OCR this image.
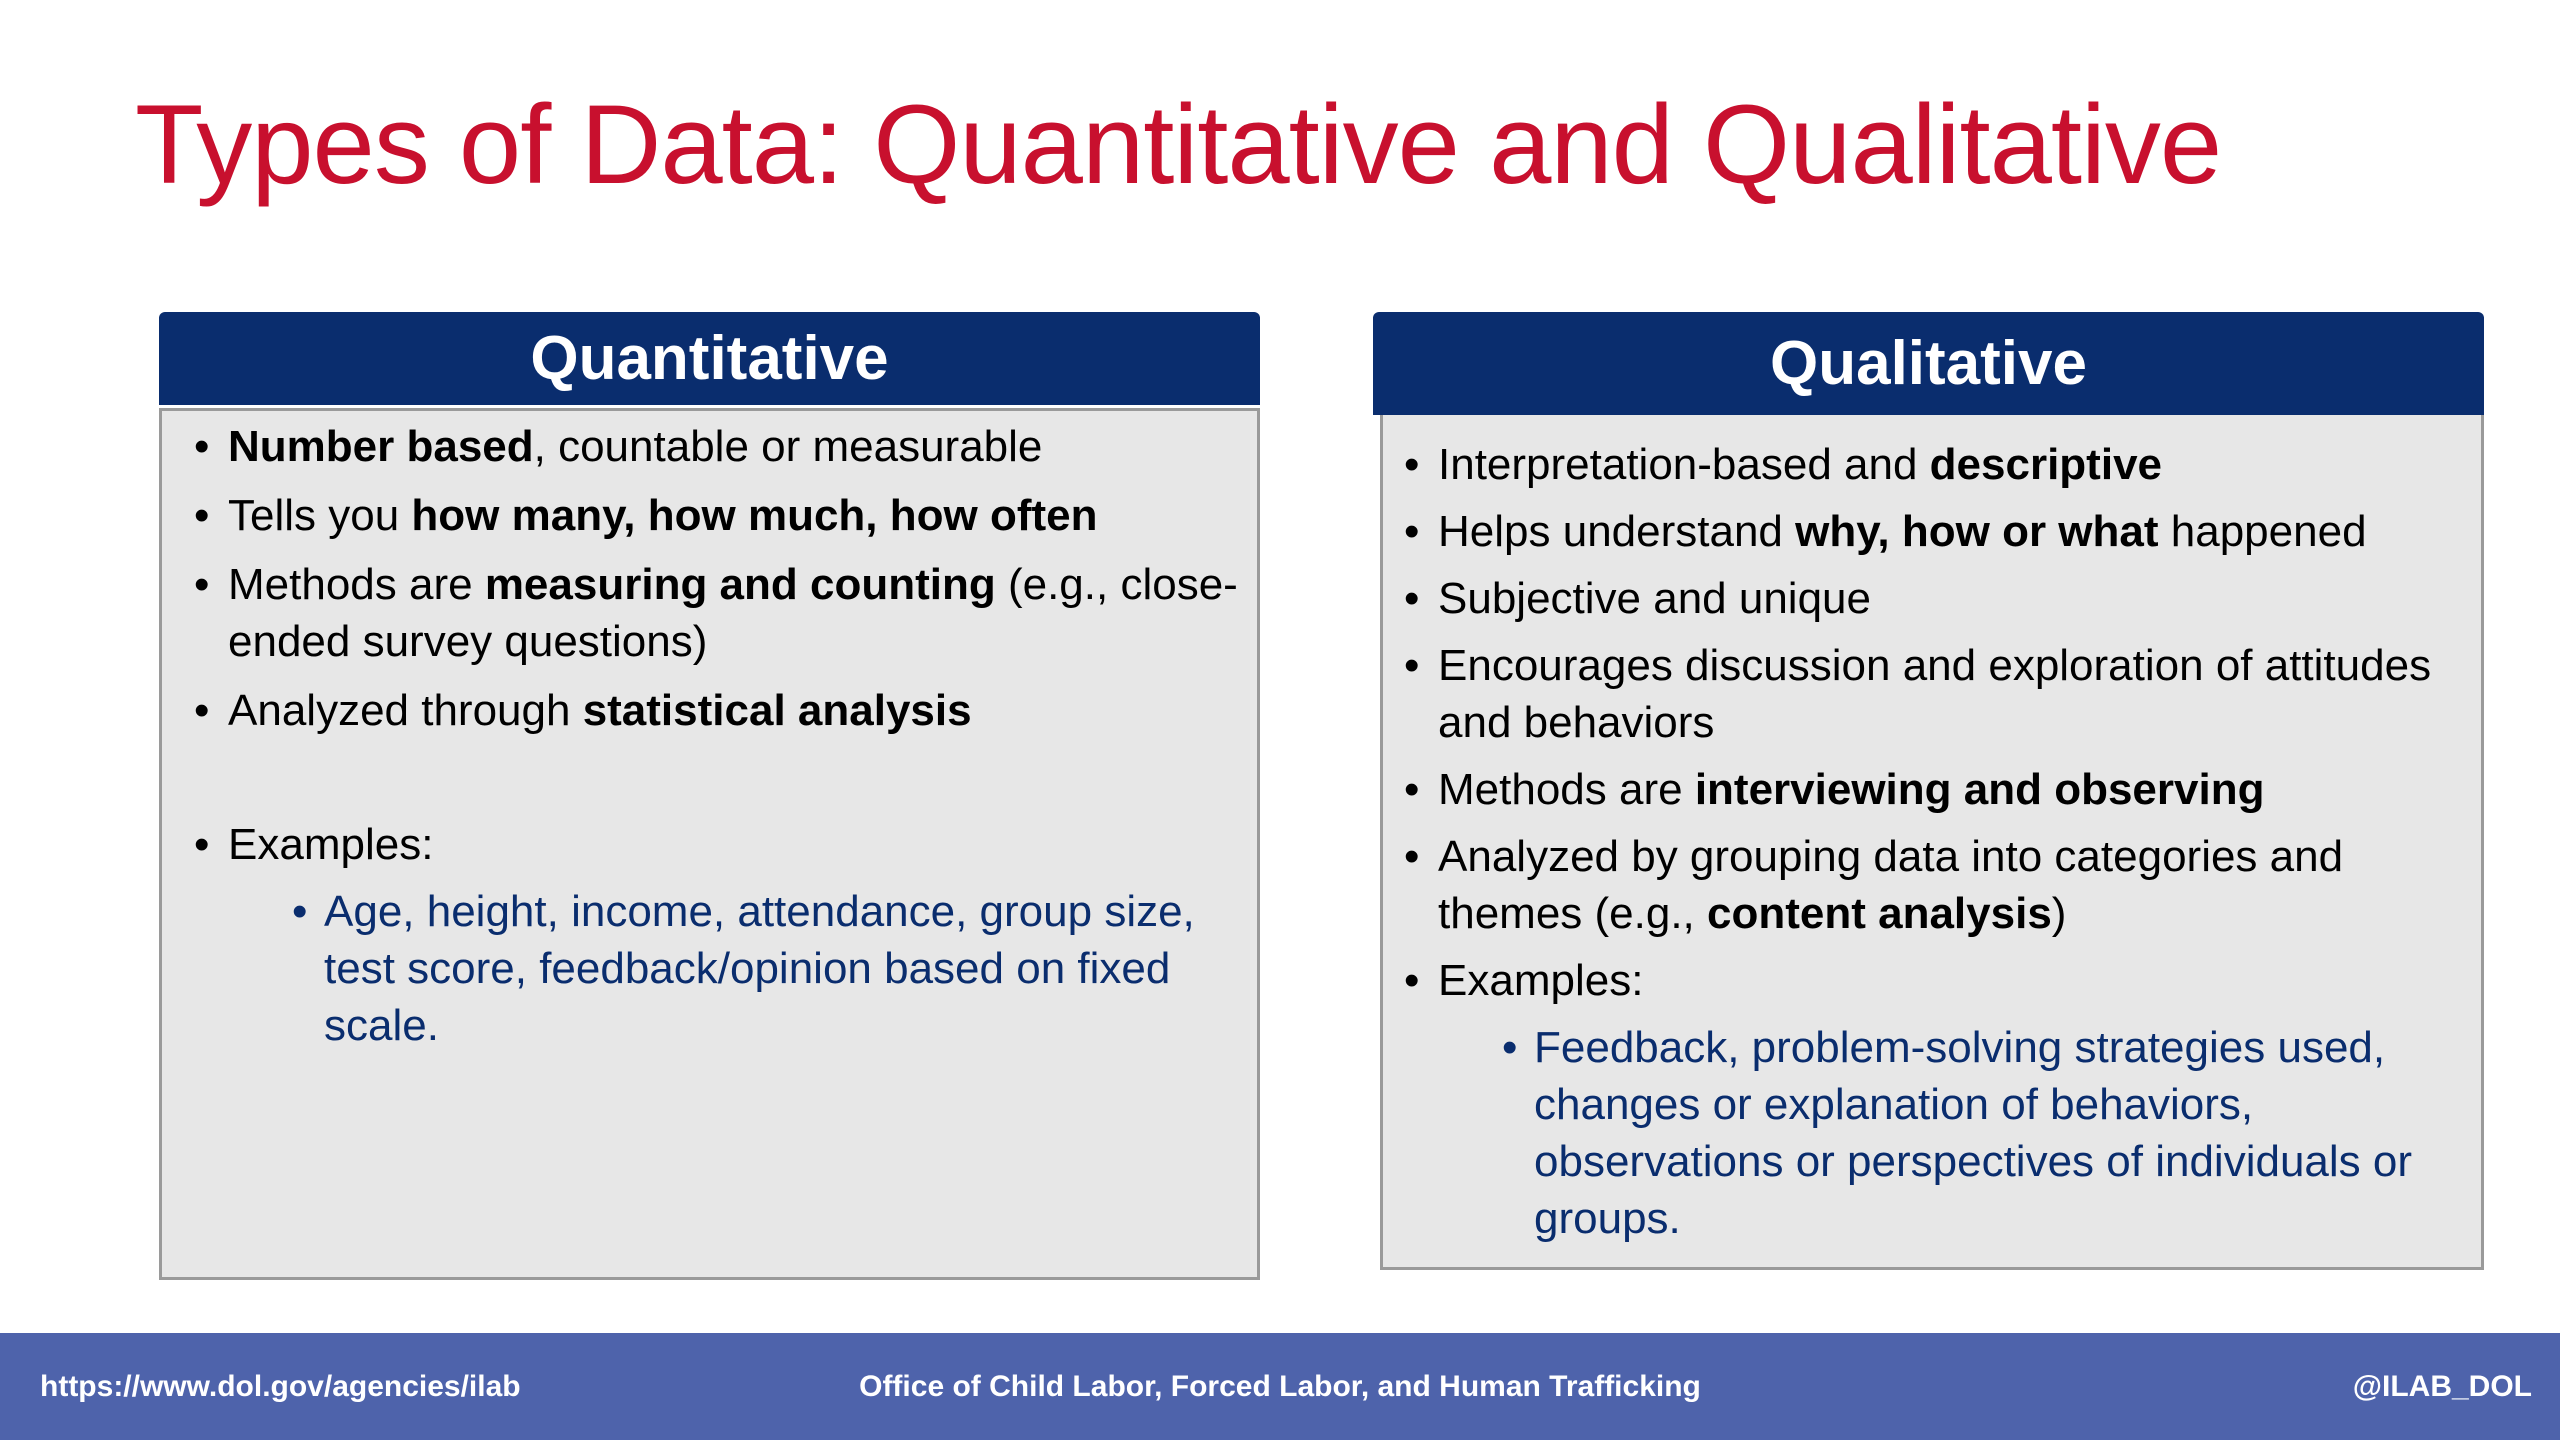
Types of Data: Quantitative and Qualitative
Quantitative
• Number based, countable or measurable
• Tells you how many, how much, how often
• Methods are measuring and counting (e.g., close-ended survey questions)
• Analyzed through statistical analysis
• Examples:
• Age, height, income, attendance, group size, test score, feedback/opinion based on fixed scale.
Qualitative
• Interpretation-based and descriptive
• Helps understand why, how or what happened
• Subjective and unique
• Encourages discussion and exploration of attitudes and behaviors
• Methods are interviewing and observing
• Analyzed by grouping data into categories and themes (e.g., content analysis)
• Examples:
• Feedback, problem-solving strategies used, changes or explanation of behaviors, observations or perspectives of individuals or groups.
https://www.dol.gov/agencies/ilab	Office of Child Labor, Forced Labor, and Human Trafficking	@ILAB_DOL
